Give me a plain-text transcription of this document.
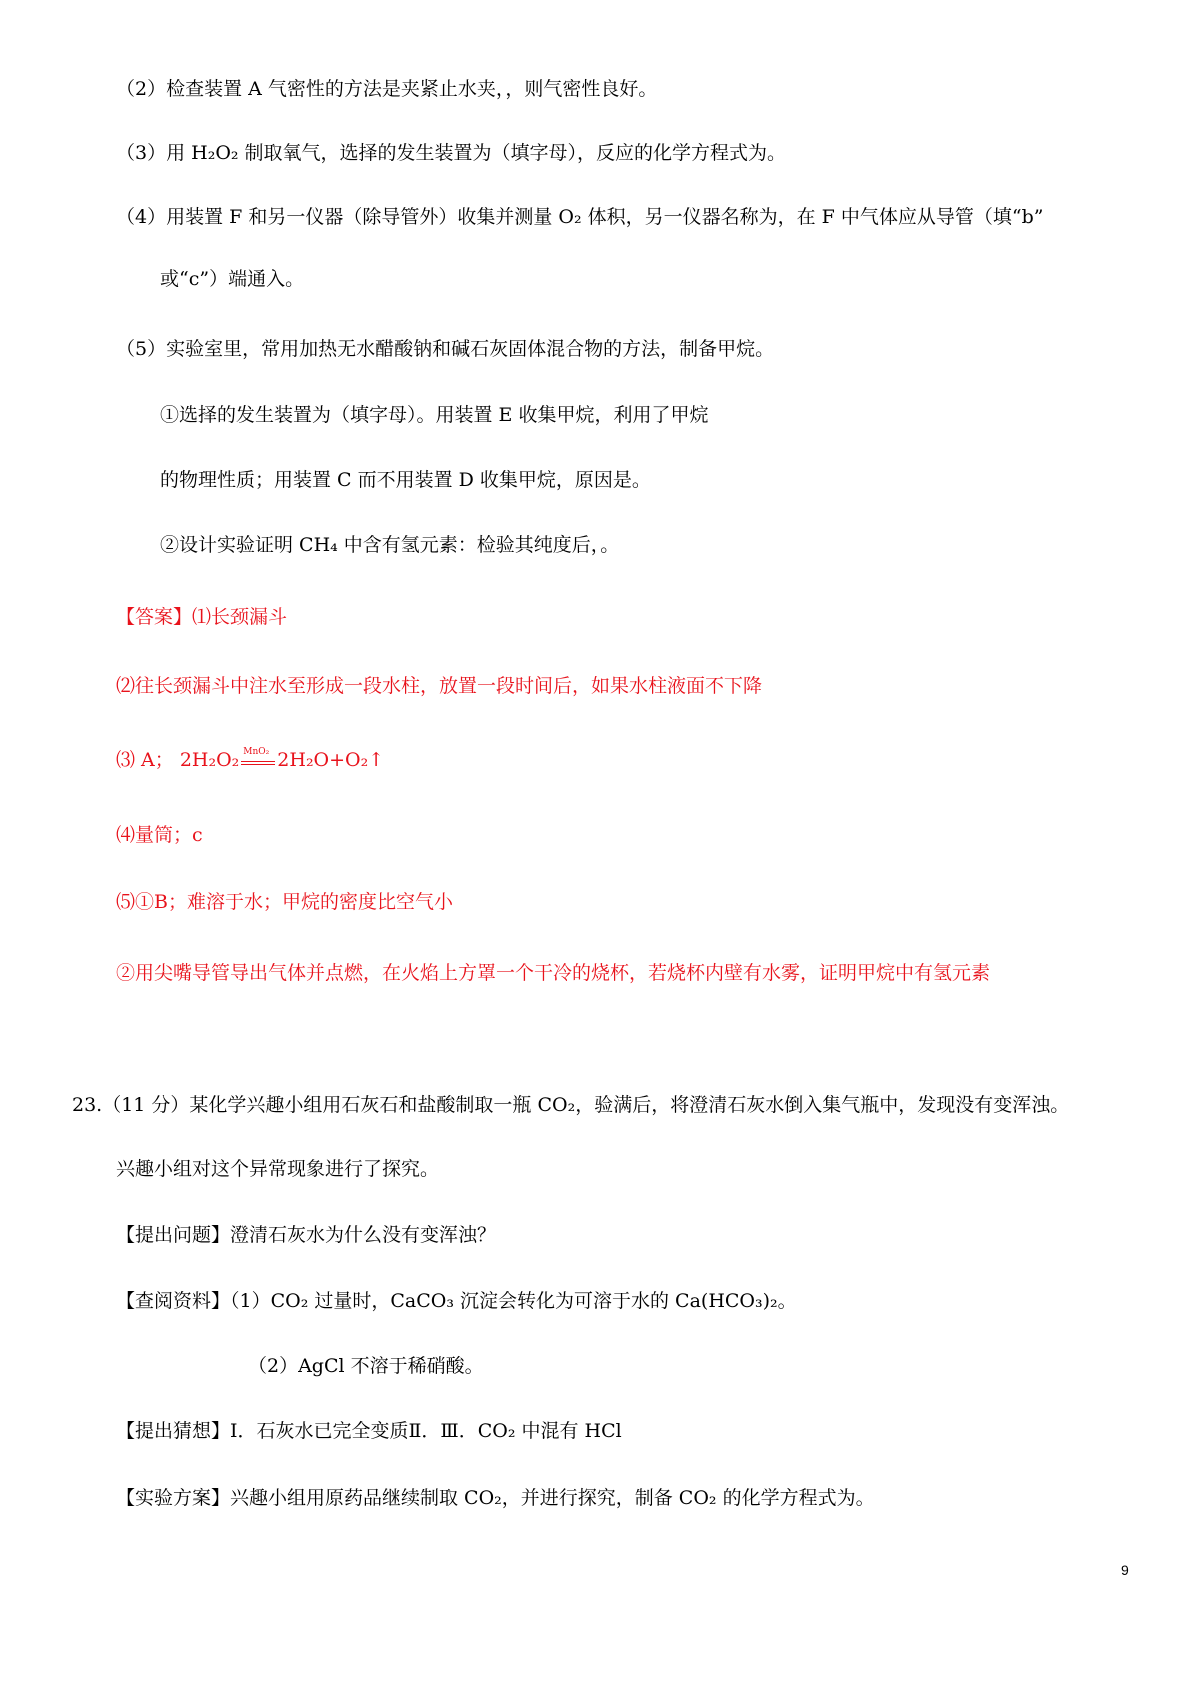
（2）检查装置 A 气密性的方法是夹紧止水夹，，则气密性良好。
（3）用 H₂O₂ 制取氧气，选择的发生装置为（填字母），反应的化学方程式为。
（4）用装置 F 和另一仪器（除导管外）收集并测量 O₂ 体积，另一仪器名称为，在 F 中气体应从导管（填“b”
或“c”）端通入。
（5）实验室里，常用加热无水醋酸钠和碱石灰固体混合物的方法，制备甲烷。
①选择的发生装置为（填字母）。用装置 E 收集甲烷，利用了甲烷
的物理性质；用装置 C 而不用装置 D 收集甲烷，原因是。
②设计实验证明 CH₄ 中含有氢元素：检验其纯度后，。
【答案】⑴长颈漏斗
⑵往长颈漏斗中注水至形成一段水柱，放置一段时间后，如果水柱液面不下降
⑶ A； 2H₂O₂ MnO₂ 2H₂O+O₂↑
⑷量筒；c
⑸①B；难溶于水；甲烷的密度比空气小
②用尖嘴导管导出气体并点燃，在火焰上方罩一个干冷的烧杯，若烧杯内壁有水雾，证明甲烷中有氢元素
23.（11 分）某化学兴趣小组用石灰石和盐酸制取一瓶 CO₂，验满后，将澄清石灰水倒入集气瓶中，发现没有变浑浊。
兴趣小组对这个异常现象进行了探究。
【提出问题】澄清石灰水为什么没有变浑浊？
【查阅资料】（1）CO₂ 过量时，CaCO₃ 沉淀会转化为可溶于水的 Ca(HCO₃)₂。
（2）AgCl 不溶于稀硝酸。
【提出猜想】Ⅰ．石灰水已完全变质Ⅱ．Ⅲ．CO₂ 中混有 HCl
【实验方案】兴趣小组用原药品继续制取 CO₂，并进行探究，制备 CO₂ 的化学方程式为。
9
